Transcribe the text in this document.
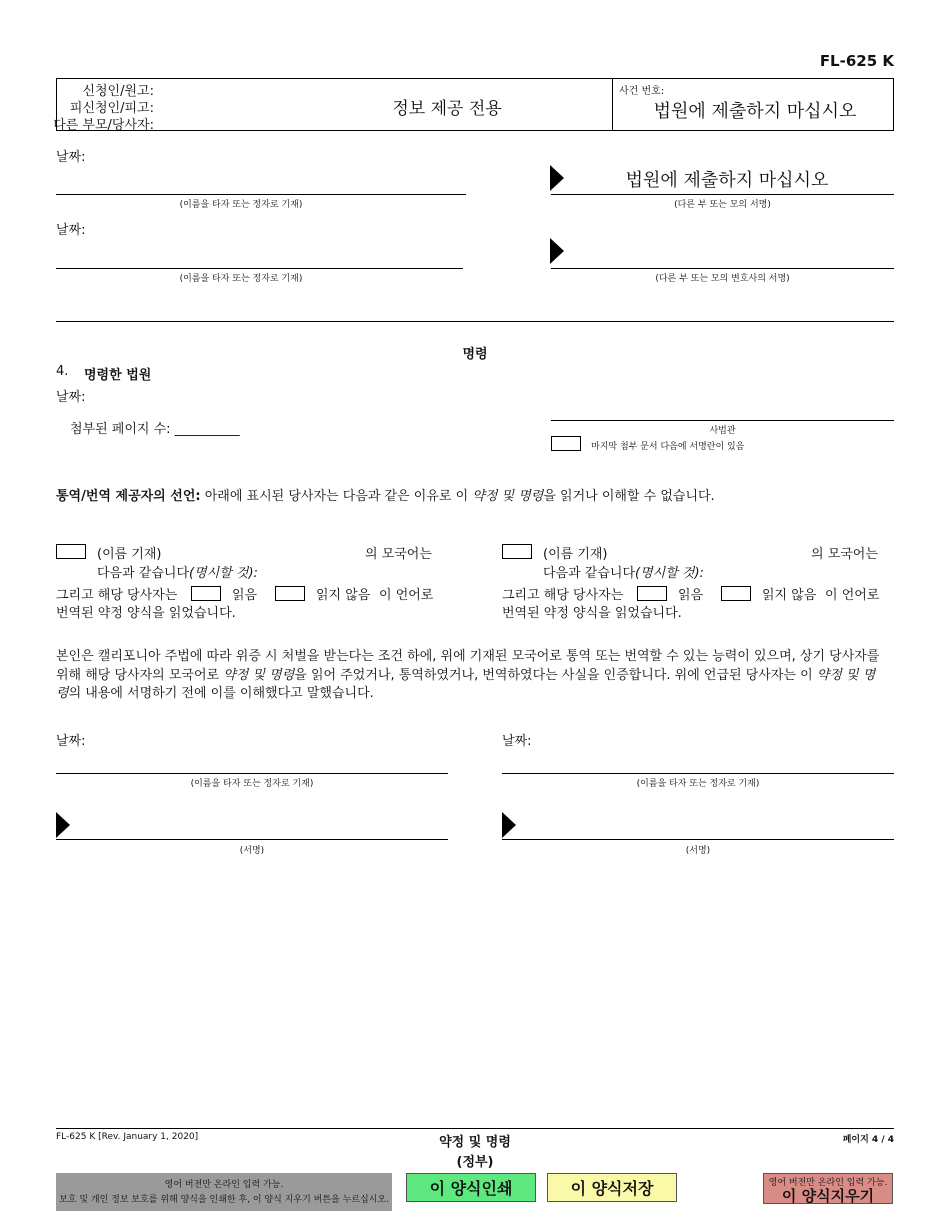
FL-625 K
신청인/원고:
피신청인/피고:
다른 부모/당사자:
정보 제공 전용
사건 번호:
법원에 제출하지 마십시오
날짜:
(이름을 타자 또는 정자로 기재)
법원에 제출하지 마십시오
(다른 부 또는 모의 서명)
날짜:
(이름을 타자 또는 정자로 기재)	(다른 부 또는 모의 변호사의 서명)
명령
4. 명령한 법원
날짜:
첨부된 페이지 수: __________	사법관
마지막 첨부 문서 다음에 서명란이 있음
통역/번역 제공자의 선언: 아래에 표시된 당사자는 다음과 같은 이유로 이 약정 및 명령을 읽거나 이해할 수 없습니다.
(이름 기재)	의 모국어는
다음과 같습니다(명시할 것):
그리고 해당 당사자는	읽음	읽지 않음 이 언어로
번역된 약정 양식을 읽었습니다.
(이름 기재)	의 모국어는
다음과 같습니다(명시할 것):
그리고 해당 당사자는	읽음	읽지 않음 이 언어로
번역된 약정 양식을 읽었습니다.
본인은 캘리포니아 주법에 따라 위증 시 처벌을 받는다는 조건 하에, 위에 기재된 모국어로 통역 또는 번역할 수 있는 능력이 있으며, 상기 당사자를 위해 해당 당사자의 모국어로 약정 및 명령을 읽어 주었거나, 통역하였거나, 번역하였다는 사실을 인증합니다. 위에 언급된 당사자는 이 약정 및 명령의 내용에 서명하기 전에 이를 이해했다고 말했습니다.
날짜:
(이름을 타자 또는 정자로 기재)
(서명)
날짜:
(이름을 타자 또는 정자로 기재)
(서명)
FL-625 K [Rev. January 1, 2020]	약정 및 명령
(정부)
페이지 4 / 4
영어 버전만 온라인 입력 가능.
보호 및 개인 정보 보호를 위해 양식을 인쇄한 후, 이 양식 지우기 버튼을 누르십시오.
이 양식인쇄	이 양식저장	영어 버전만 온라인 입력 가능.
이 양식지우기
